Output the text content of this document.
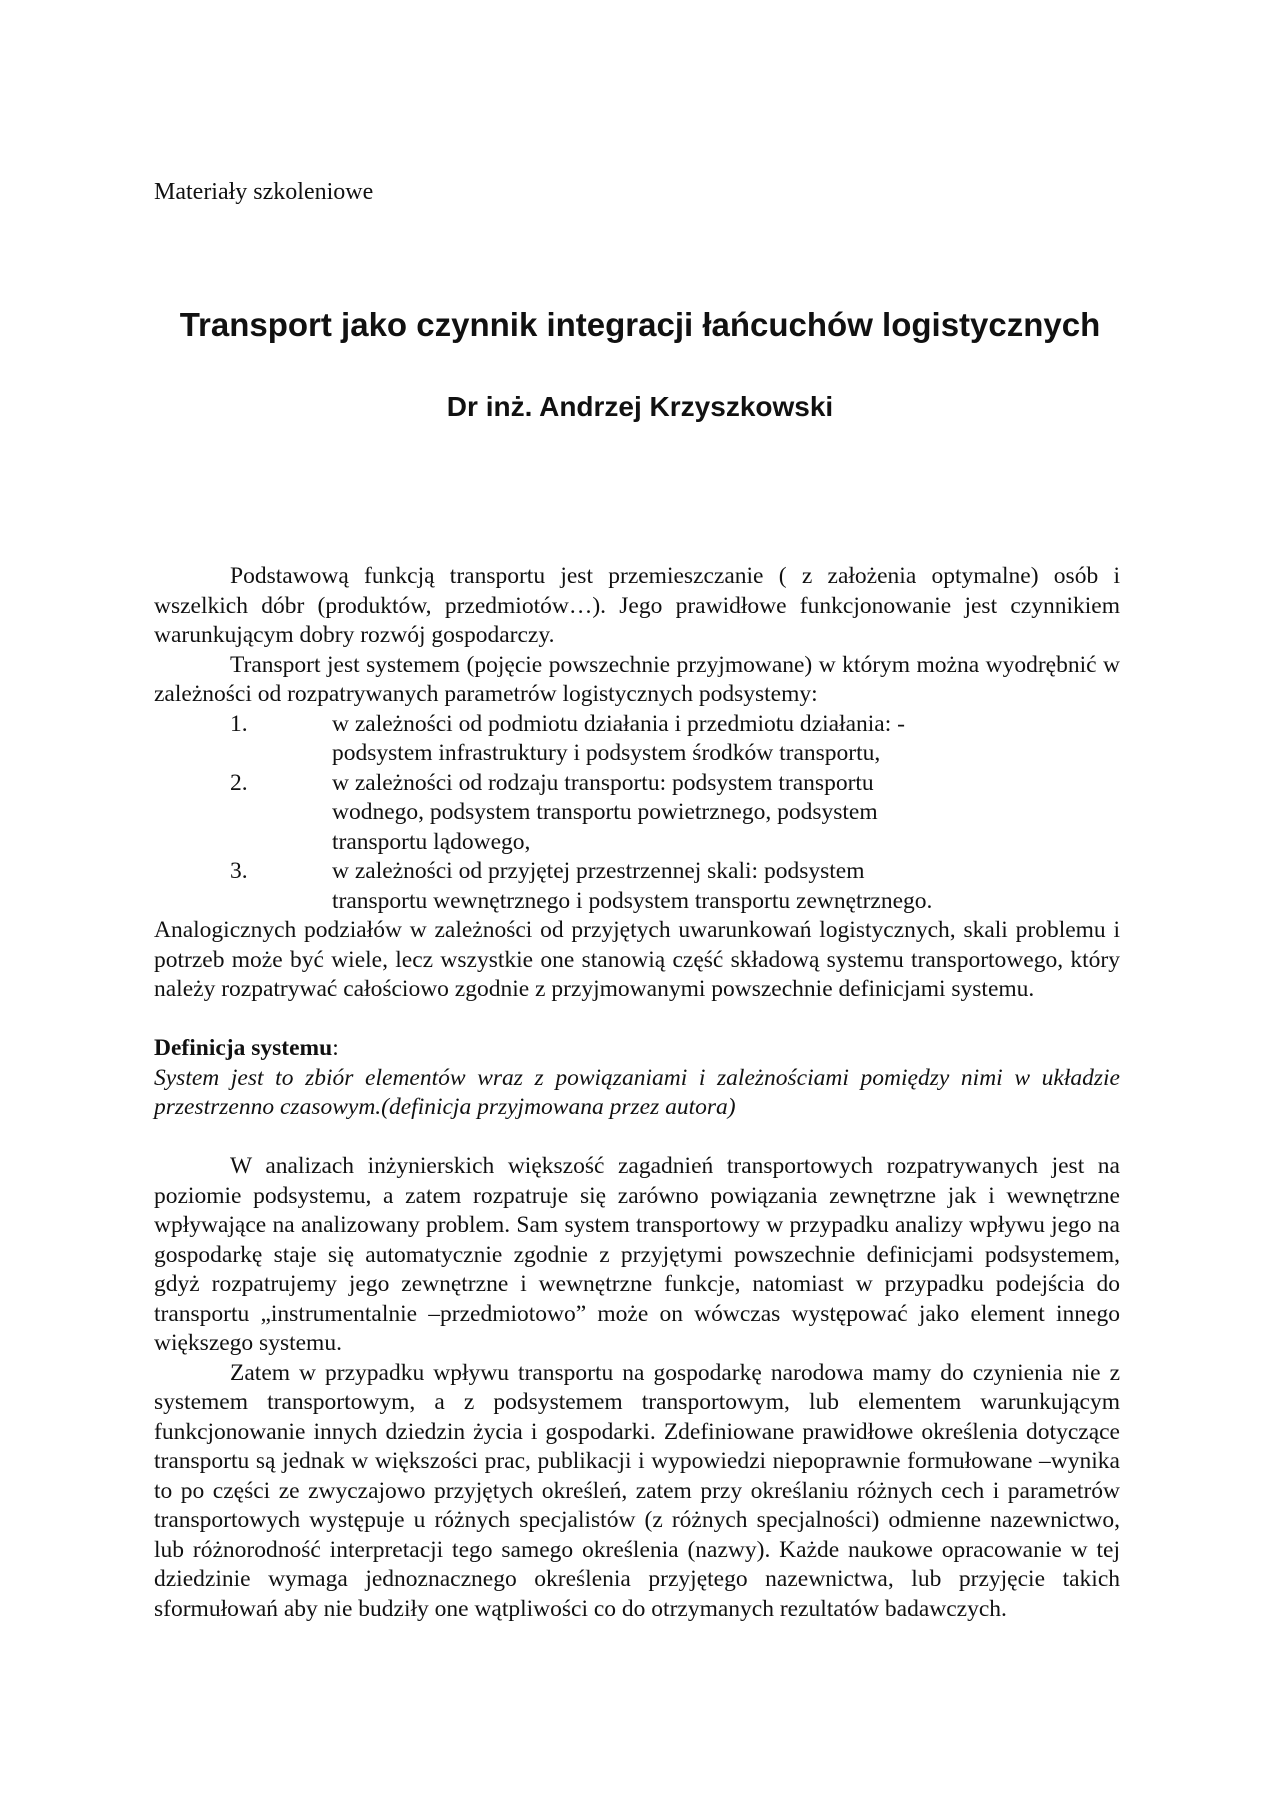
Materiały szkoleniowe
Transport jako czynnik integracji łańcuchów logistycznych
Dr inż. Andrzej Krzyszkowski

Podstawową funkcją transportu jest przemieszczanie ( z założenia optymalne) osób i wszelkich dóbr (produktów, przedmiotów…). Jego prawidłowe funkcjonowanie jest czynnikiem warunkującym dobry rozwój gospodarczy.

Transport jest systemem (pojęcie powszechnie przyjmowane) w którym można wyodrębnić w zależności od rozpatrywanych parametrów logistycznych podsystemy:

1.	w zależności od podmiotu działania i przedmiotu działania: -podsystem infrastruktury i podsystem środków transportu,
2.	w zależności od rodzaju transportu: podsystem transportu wodnego, podsystem transportu powietrznego, podsystem transportu lądowego,
3.	w zależności od przyjętej przestrzennej skali: podsystem transportu wewnętrznego i podsystem transportu zewnętrznego.

Analogicznych podziałów w zależności od przyjętych uwarunkowań logistycznych, skali problemu i potrzeb może być wiele, lecz wszystkie one stanowią część składową systemu transportowego, który należy rozpatrywać całościowo zgodnie z przyjmowanymi powszechnie definicjami systemu.

Definicja systemu:

System jest to zbiór elementów wraz z powiązaniami i zależnościami pomiędzy nimi w układzie przestrzenno czasowym.(definicja przyjmowana przez autora)

W analizach inżynierskich większość zagadnień transportowych rozpatrywanych jest na poziomie podsystemu, a zatem rozpatruje się zarówno powiązania zewnętrzne jak i wewnętrzne wpływające na analizowany problem. Sam system transportowy w przypadku analizy wpływu jego na gospodarkę staje się automatycznie zgodnie z przyjętymi powszechnie definicjami podsystemem, gdyż rozpatrujemy jego zewnętrzne i wewnętrzne funkcje, natomiast w przypadku podejścia do transportu „instrumentalnie –przedmiotowo” może on wówczas występować jako element innego większego systemu.

Zatem w przypadku wpływu transportu na gospodarkę narodowa mamy do czynienia nie z systemem transportowym, a z podsystemem transportowym, lub elementem warunkującym funkcjonowanie innych dziedzin życia i gospodarki. Zdefiniowane prawidłowe określenia dotyczące transportu są jednak w większości prac, publikacji i wypowiedzi niepoprawnie formułowane –wynika to po części ze zwyczajowo przyjętych określeń, zatem przy określaniu różnych cech i parametrów transportowych występuje u różnych specjalistów (z różnych specjalności) odmienne nazewnictwo, lub różnorodność interpretacji tego samego określenia (nazwy). Każde naukowe opracowanie w tej dziedzinie wymaga jednoznacznego określenia przyjętego nazewnictwa, lub przyjęcie takich sformułowań aby nie budziły one wątpliwości co do otrzymanych rezultatów badawczych.
